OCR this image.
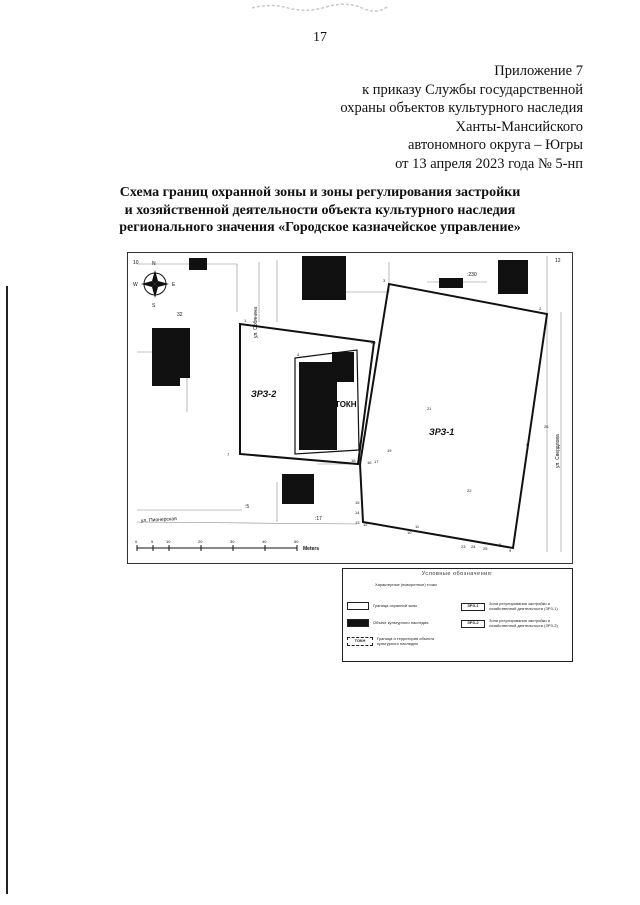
17
Приложение 7
к приказу Службы государственной
охраны объектов культурного наследия
Ханты-Мансийского
автономного округа – Югры
от 13 апреля 2023 года № 5-нп
Схема границ охранной зоны и зоны регулирования застройки
и хозяйственной деятельности объекта культурного наследия
регионального значения «Городское казначейское управление»
ЗРЗ-2
ЗРЗ-1
ТОКН
ул. Собянина
ул. Свердлова
ул. Пионерская
:230
32
:17
:5
12
10	N
S
W	E
0	5	10	20	30	40	50
Meters
1
2
3
4
5
6
7
8
9
10
11
12
13
14
15
16 17
18
19
20
21
22
23 24 25
26
Условные обозначения:
Характерные (поворотные) точки
Граница охранной зоны
Объект культурного наследия
ТОКН	Граница и территория объекта культурного наследия
ЗРЗ-1	Зона регулирования застройки и хозяйственной деятельности (ЗРЗ-1)
ЗРЗ-2	Зона регулирования застройки и хозяйственной деятельности (ЗРЗ-2)
